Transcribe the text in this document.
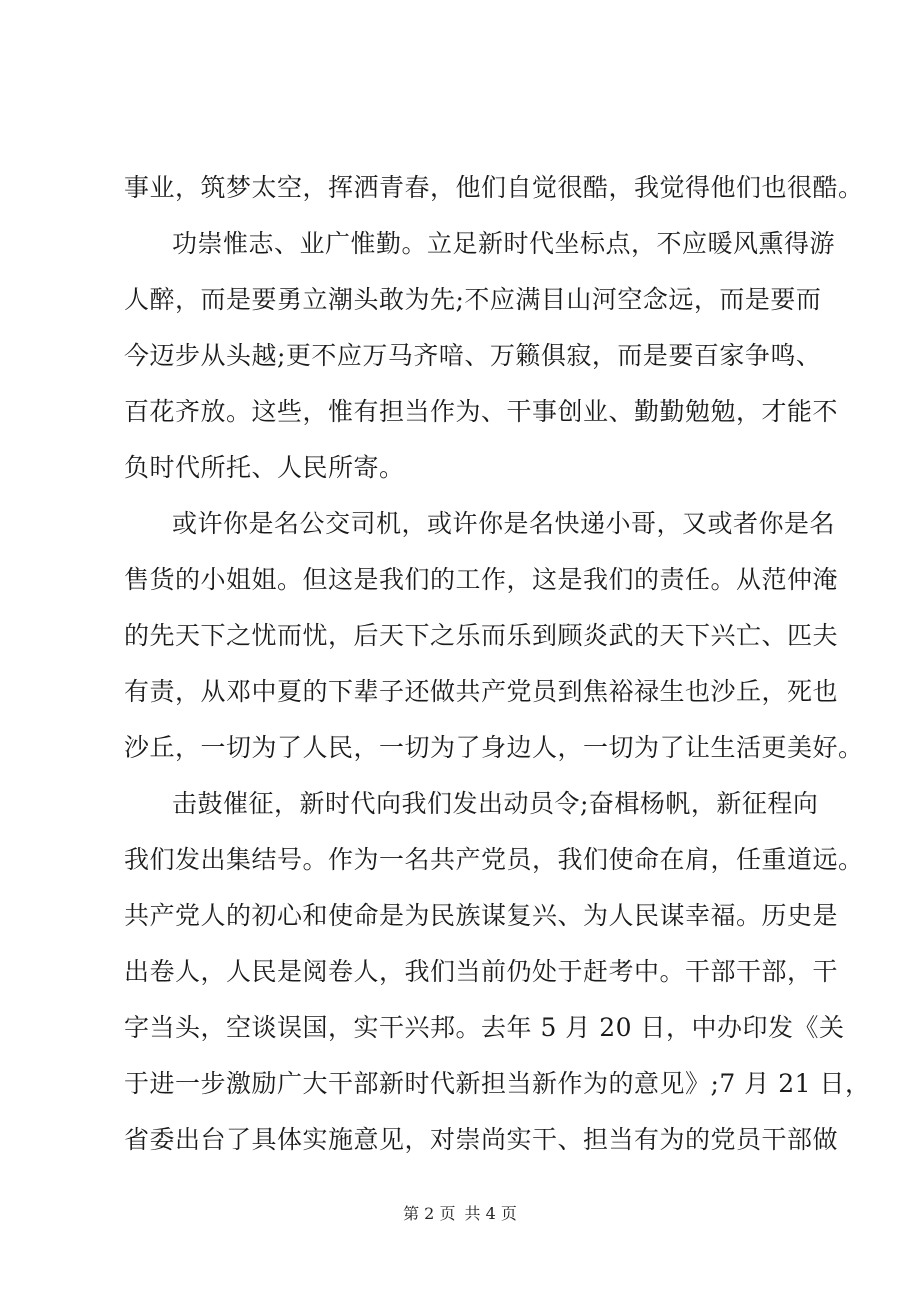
事业，筑梦太空，挥洒青春，他们自觉很酷，我觉得他们也很酷。
功崇惟志、业广惟勤。立足新时代坐标点，不应暖风熏得游
人醉，而是要勇立潮头敢为先;不应满目山河空念远，而是要而
今迈步从头越;更不应万马齐喑、万籁俱寂，而是要百家争鸣、
百花齐放。这些，惟有担当作为、干事创业、勤勤勉勉，才能不
负时代所托、人民所寄。
或许你是名公交司机，或许你是名快递小哥，又或者你是名
售货的小姐姐。但这是我们的工作，这是我们的责任。从范仲淹
的先天下之忧而忧，后天下之乐而乐到顾炎武的天下兴亡、匹夫
有责，从邓中夏的下辈子还做共产党员到焦裕禄生也沙丘，死也
沙丘，一切为了人民，一切为了身边人，一切为了让生活更美好。
击鼓催征，新时代向我们发出动员令;奋楫杨帆，新征程向
我们发出集结号。作为一名共产党员，我们使命在肩，任重道远。
共产党人的初心和使命是为民族谋复兴、为人民谋幸福。历史是
出卷人，人民是阅卷人，我们当前仍处于赶考中。干部干部，干
字当头，空谈误国，实干兴邦。去年 5 月 20 日，中办印发《关
于进一步激励广大干部新时代新担当新作为的意见》;7 月 21 日，
省委出台了具体实施意见，对崇尚实干、担当有为的党员干部做
第 2 页 共 4 页
